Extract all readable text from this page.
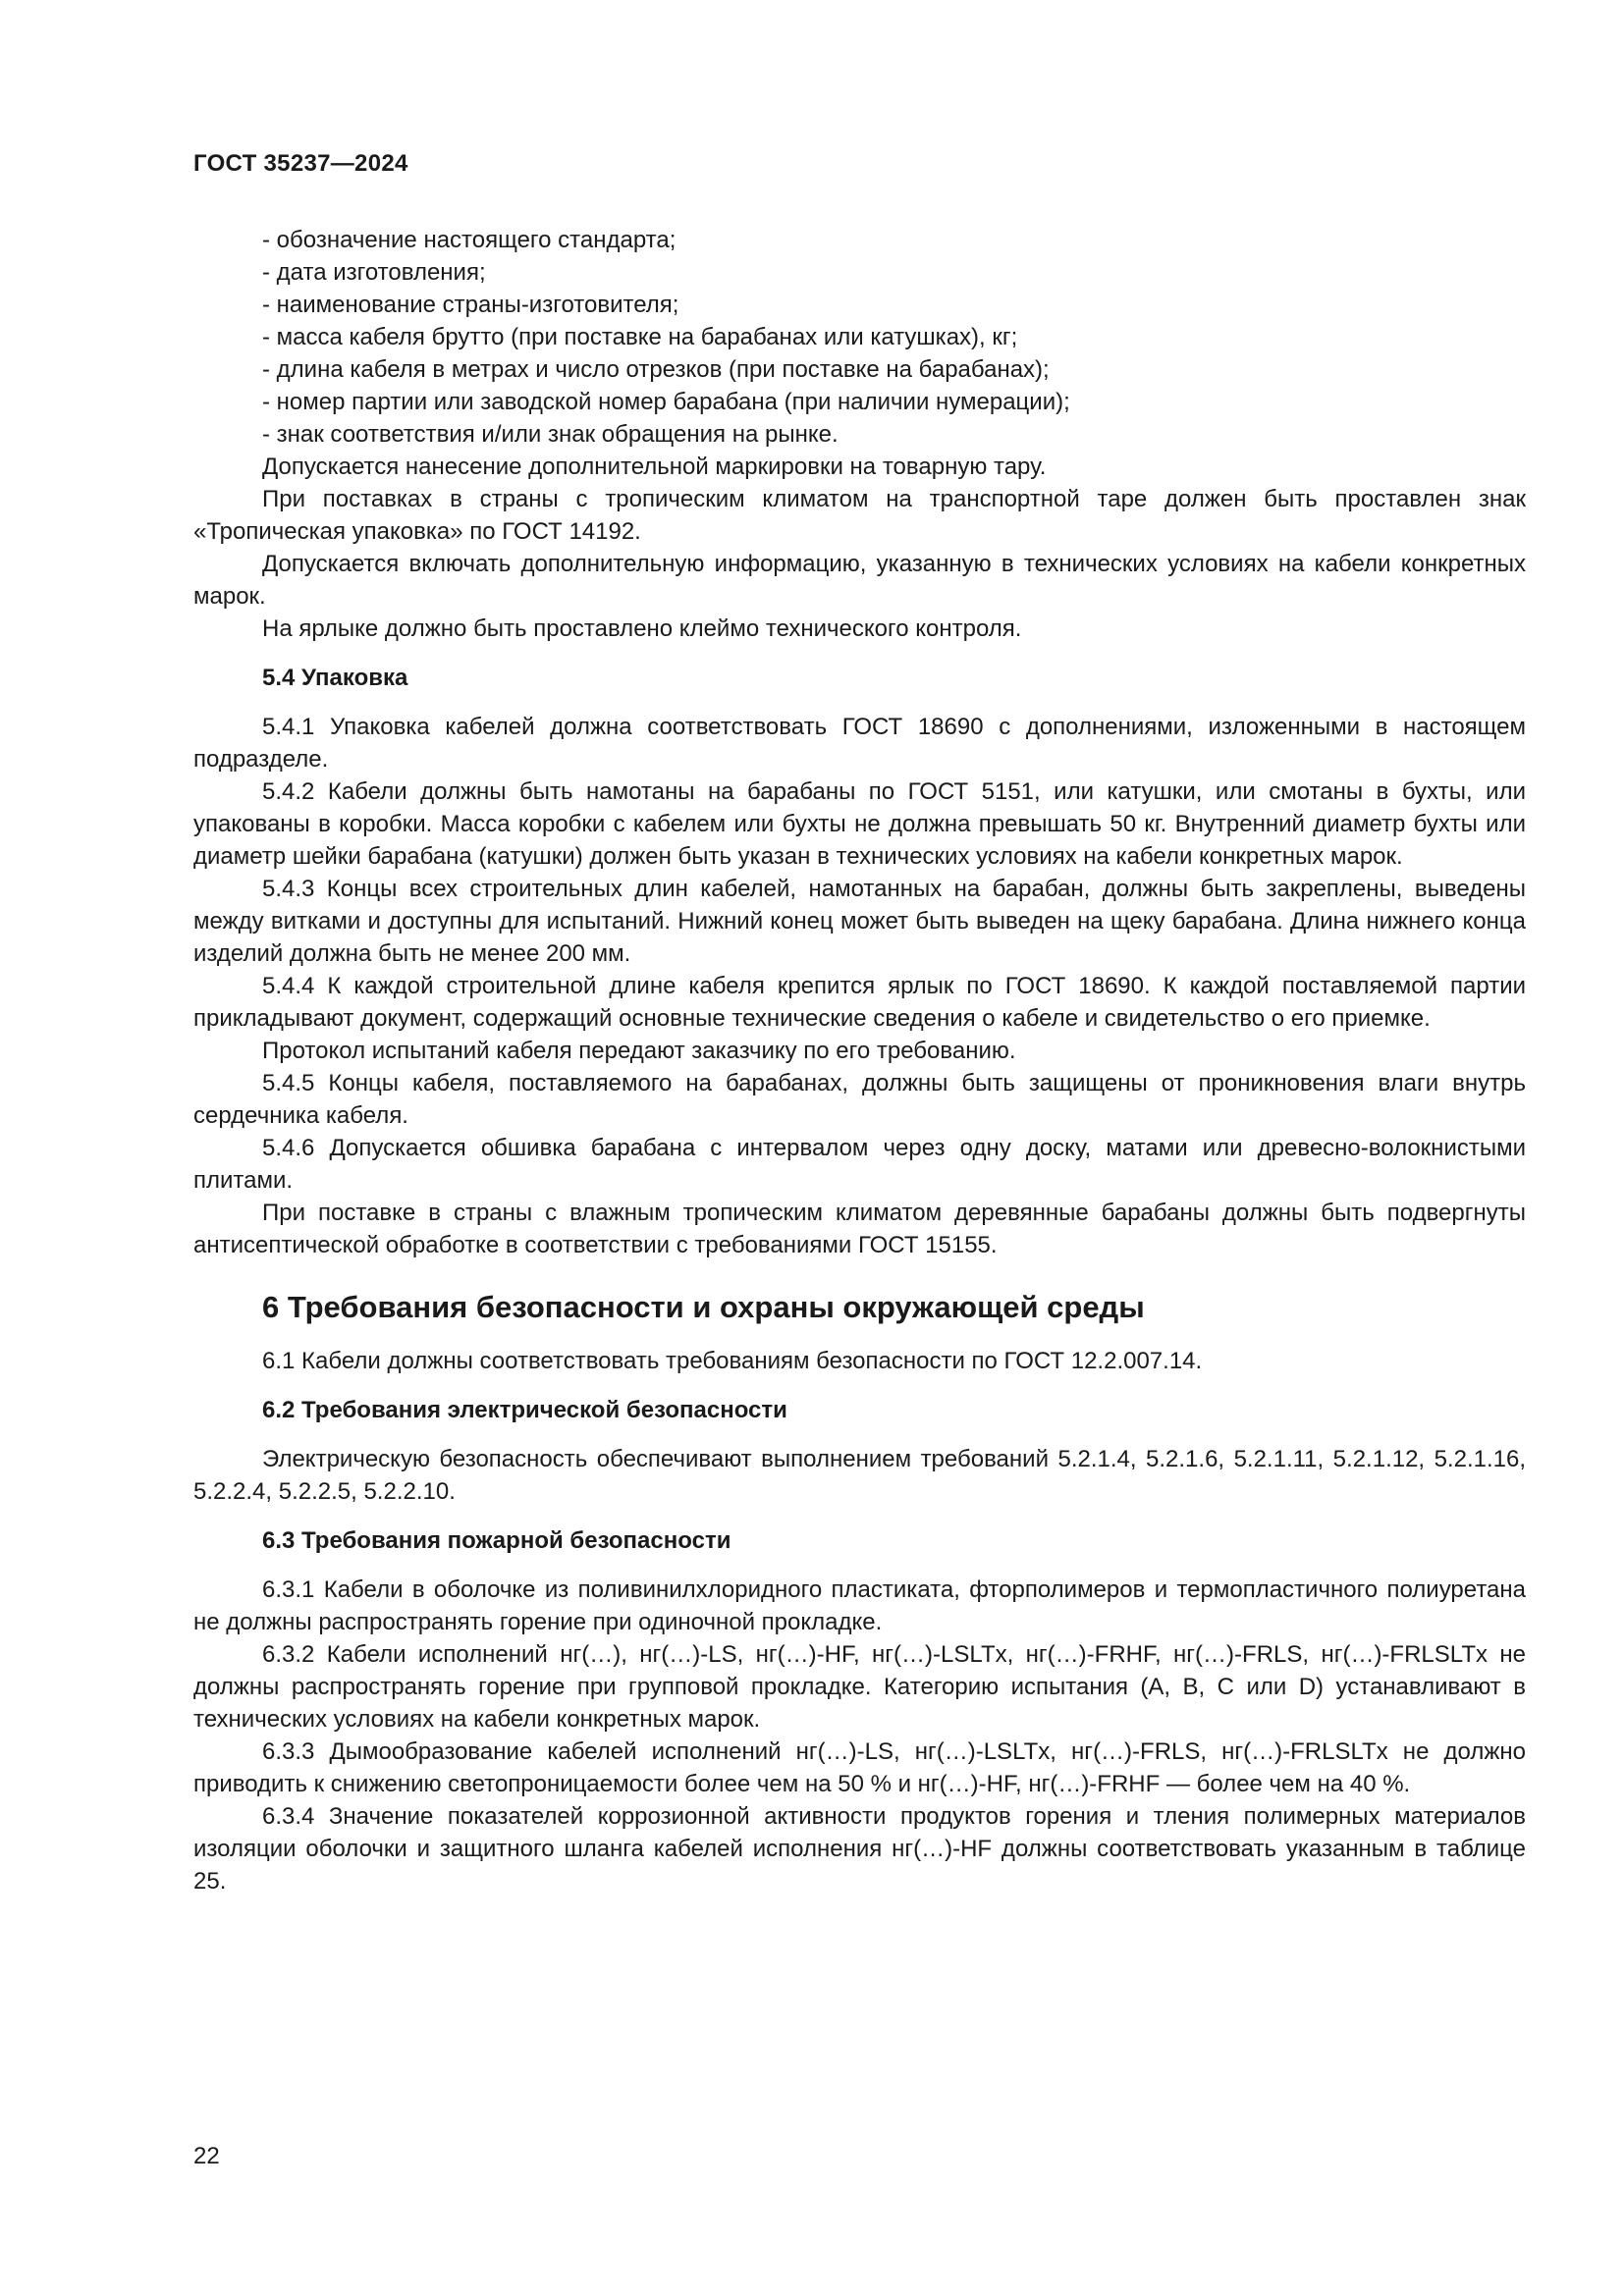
ГОСТ 35237—2024

- обозначение настоящего стандарта;

- дата изготовления;

- наименование страны-изготовителя;

- масса кабеля брутто (при поставке на барабанах или катушках), кг;

- длина кабеля в метрах и число отрезков (при поставке на барабанах);

- номер партии или заводской номер барабана (при наличии нумерации);

- знак соответствия и/или знак обращения на рынке.

Допускается нанесение дополнительной маркировки на товарную тару.

При поставках в страны с тропическим климатом на транспортной таре должен быть проставлен знак «Тропическая упаковка» по ГОСТ 14192.

Допускается включать дополнительную информацию, указанную в технических условиях на кабели конкретных марок.

На ярлыке должно быть проставлено клеймо технического контроля.

5.4 Упаковка

5.4.1 Упаковка кабелей должна соответствовать ГОСТ 18690 с дополнениями, изложенными в настоящем подразделе.

5.4.2 Кабели должны быть намотаны на барабаны по ГОСТ 5151, или катушки, или смотаны в бухты, или упакованы в коробки. Масса коробки с кабелем или бухты не должна превышать 50 кг. Внутренний диаметр бухты или диаметр шейки барабана (катушки) должен быть указан в технических условиях на кабели конкретных марок.

5.4.3 Концы всех строительных длин кабелей, намотанных на барабан, должны быть закреплены, выведены между витками и доступны для испытаний. Нижний конец может быть выведен на щеку барабана. Длина нижнего конца изделий должна быть не менее 200 мм.

5.4.4 К каждой строительной длине кабеля крепится ярлык по ГОСТ 18690. К каждой поставляемой партии прикладывают документ, содержащий основные технические сведения о кабеле и свидетельство о его приемке.

Протокол испытаний кабеля передают заказчику по его требованию.

5.4.5 Концы кабеля, поставляемого на барабанах, должны быть защищены от проникновения влаги внутрь сердечника кабеля.

5.4.6 Допускается обшивка барабана с интервалом через одну доску, матами или древесно-волокнистыми плитами.

При поставке в страны с влажным тропическим климатом деревянные барабаны должны быть подвергнуты антисептической обработке в соответствии с требованиями ГОСТ 15155.

6 Требования безопасности и охраны окружающей среды

6.1 Кабели должны соответствовать требованиям безопасности по ГОСТ 12.2.007.14.

6.2 Требования электрической безопасности

Электрическую безопасность обеспечивают выполнением требований 5.2.1.4, 5.2.1.6, 5.2.1.11, 5.2.1.12, 5.2.1.16, 5.2.2.4, 5.2.2.5, 5.2.2.10.

6.3 Требования пожарной безопасности

6.3.1 Кабели в оболочке из поливинилхлоридного пластиката, фторполимеров и термопластичного полиуретана не должны распространять горение при одиночной прокладке.

6.3.2 Кабели исполнений нг(…), нг(…)-LS, нг(…)-HF, нг(…)-LSLTx, нг(…)-FRHF, нг(…)-FRLS, нг(…)-FRLSLTx не должны распространять горение при групповой прокладке. Категорию испытания (А, В, С или D) устанавливают в технических условиях на кабели конкретных марок.

6.3.3 Дымообразование кабелей исполнений нг(…)-LS, нг(…)-LSLTx, нг(…)-FRLS, нг(…)-FRLSLTx не должно приводить к снижению светопроницаемости более чем на 50 % и нг(…)-HF, нг(…)-FRHF — более чем на 40 %.

6.3.4 Значение показателей коррозионной активности продуктов горения и тления полимерных материалов изоляции оболочки и защитного шланга кабелей исполнения нг(…)-HF должны соответствовать указанным в таблице 25.

22
